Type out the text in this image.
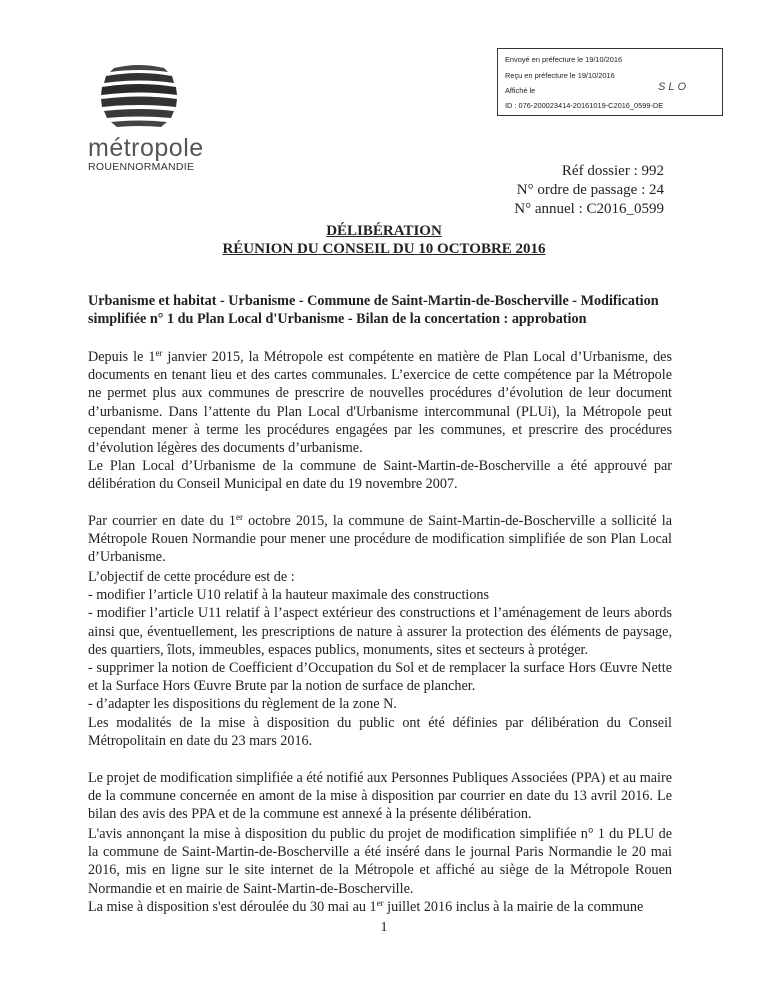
Envoyé en préfecture le 19/10/2016
Reçu en préfecture le 19/10/2016
Affiché le	SLO
ID : 076-200023414-20161019-C2016_0599-DE
métropole
ROUENNORMANDIE	Réf dossier : 992
N° ordre de passage : 24
N° annuel : C2016_0599
DÉLIBÉRATION
RÉUNION DU CONSEIL DU 10 OCTOBRE 2016
Urbanisme et habitat - Urbanisme - Commune de Saint-Martin-de-Boscherville - Modification simplifiée n° 1 du Plan Local d'Urbanisme - Bilan de la concertation : approbation
Depuis le 1er janvier 2015, la Métropole est compétente en matière de Plan Local d’Urbanisme, des documents en tenant lieu et des cartes communales. L’exercice de cette compétence par la Métropole ne permet plus aux communes de prescrire de nouvelles procédures d’évolution de leur document d’urbanisme. Dans l’attente du Plan Local d'Urbanisme intercommunal (PLUi), la Métropole peut cependant mener à terme les procédures engagées par les communes, et prescrire des procédures d’évolution légères des documents d’urbanisme.
Le Plan Local d’Urbanisme de la commune de Saint-Martin-de-Boscherville a été approuvé par délibération du Conseil Municipal en date du 19 novembre 2007.
Par courrier en date du 1er octobre 2015, la commune de Saint-Martin-de-Boscherville a sollicité la Métropole Rouen Normandie pour mener une procédure de modification simplifiée de son Plan Local d’Urbanisme.
L’objectif de cette procédure est de :
- modifier l’article U10 relatif à la hauteur maximale des constructions
- modifier l’article U11 relatif à l’aspect extérieur des constructions et l’aménagement de leurs abords ainsi que, éventuellement, les prescriptions de nature à assurer la protection des éléments de paysage, des quartiers, îlots, immeubles, espaces publics, monuments, sites et secteurs à protéger.
- supprimer la notion de Coefficient d’Occupation du Sol et de remplacer la surface Hors Œuvre Nette et la Surface Hors Œuvre Brute par la notion de surface de plancher.
- d’adapter les dispositions du règlement de la zone N.
Les modalités de la mise à disposition du public ont été définies par délibération du Conseil Métropolitain en date du 23 mars 2016.
Le projet de modification simplifiée a été notifié aux Personnes Publiques Associées (PPA) et au maire de la commune concernée en amont de la mise à disposition par courrier en date du 13 avril 2016. Le bilan des avis des PPA et de la commune est annexé à la présente délibération.
L'avis annonçant la mise à disposition du public du projet de modification simplifiée n° 1 du PLU de la commune de Saint-Martin-de-Boscherville a été inséré dans le journal Paris Normandie le 20 mai 2016, mis en ligne sur le site internet de la Métropole et affiché au siège de la Métropole Rouen Normandie et en mairie de Saint-Martin-de-Boscherville.
La mise à disposition s'est déroulée du 30 mai au 1er juillet 2016 inclus à la mairie de la commune
1
